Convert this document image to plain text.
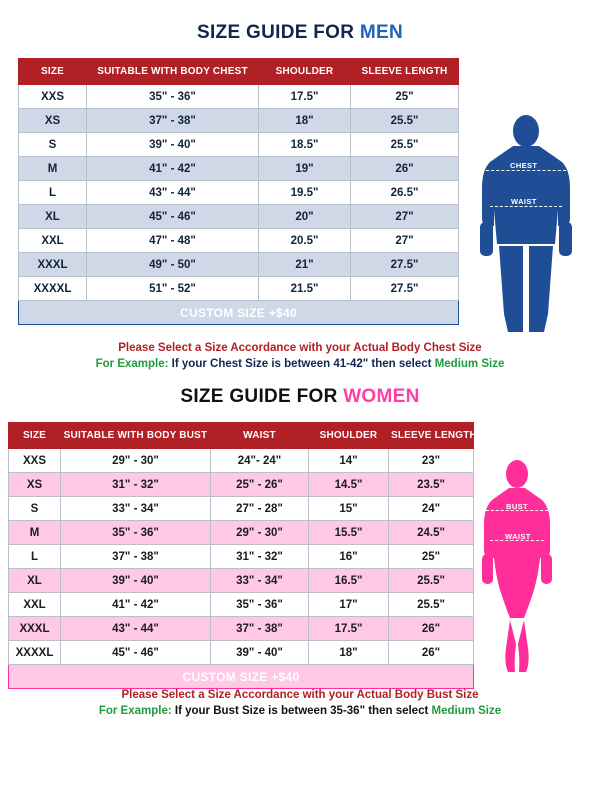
SIZE GUIDE FOR MEN
SIZE	SUITABLE WITH BODY CHEST	SHOULDER	SLEEVE LENGTH
XXS	35" - 36"	17.5"	25"
XS	37" - 38"	18"	25.5"
S	39" - 40"	18.5"	25.5"
M	41" - 42"	19"	26"
L	43" - 44"	19.5"	26.5"
XL	45" - 46"	20"	27"
XXL	47" - 48"	20.5"	27"
XXXL	49" - 50"	21"	27.5"
XXXXL	51" - 52"	21.5"	27.5"
CUSTOM SIZE +$40			
CHEST
WAIST
Please Select a Size Accordance with your Actual Body Chest Size
For Example: If your Chest Size is between 41-42" then select Medium Size
SIZE GUIDE FOR WOMEN
SIZE	SUITABLE WITH BODY BUST	WAIST	SHOULDER	SLEEVE LENGTH
XXS	29" - 30"	24"- 24"	14"	23"
XS	31" - 32"	25" - 26"	14.5"	23.5"
S	33" - 34"	27" - 28"	15"	24"
M	35" - 36"	29" - 30"	15.5"	24.5"
L	37" - 38"	31" - 32"	16"	25"
XL	39" - 40"	33" - 34"	16.5"	25.5"
XXL	41" - 42"	35" - 36"	17"	25.5"
XXXL	43" - 44"	37" - 38"	17.5"	26"
XXXXL	45" - 46"	39" - 40"	18"	26"
CUSTOM SIZE +$40				
BUST
WAIST
Please Select a Size Accordance with your Actual Body Bust Size
For Example: If your Bust Size is between 35-36" then select Medium Size
